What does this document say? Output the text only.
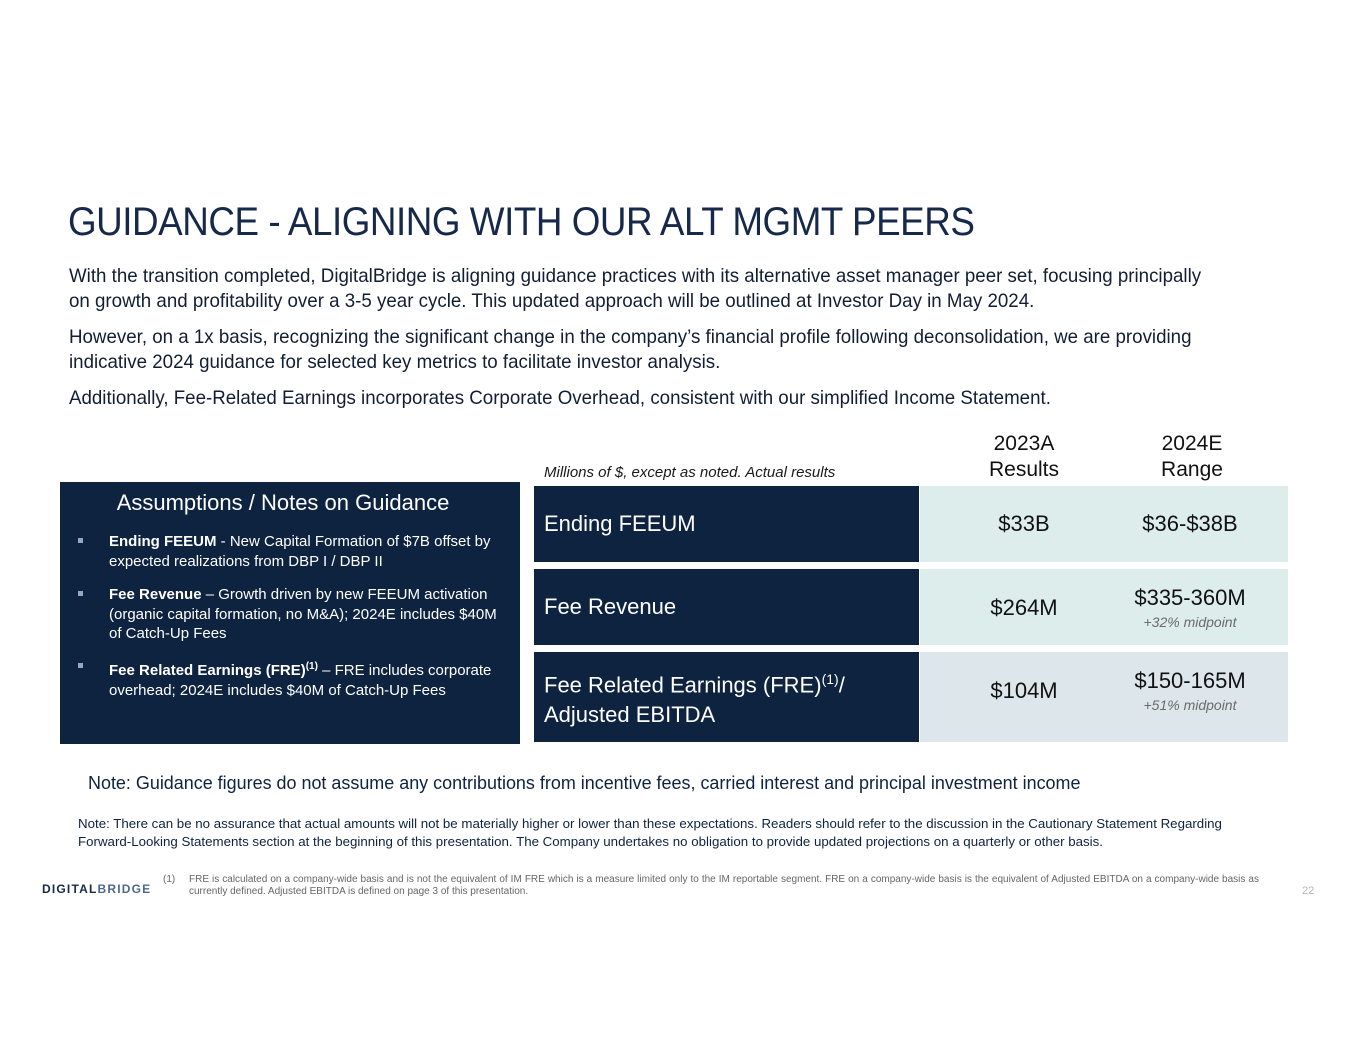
GUIDANCE - ALIGNING WITH OUR ALT MGMT PEERS
With the transition completed, DigitalBridge is aligning guidance practices with its alternative asset manager peer set, focusing principally on growth and profitability over a 3-5 year cycle. This updated approach will be outlined at Investor Day in May 2024.
However, on a 1x basis, recognizing the significant change in the company’s financial profile following deconsolidation, we are providing indicative 2024 guidance for selected key metrics to facilitate investor analysis.
Additionally, Fee-Related Earnings incorporates Corporate Overhead, consistent with our simplified Income Statement.
Assumptions / Notes on Guidance
Ending FEEUM - New Capital Formation of $7B offset by expected realizations from DBP I / DBP II
Fee Revenue – Growth driven by new FEEUM activation (organic capital formation, no M&A); 2024E includes $40M of Catch-Up Fees
Fee Related Earnings (FRE)$^{(1)}$ – FRE includes corporate overhead; 2024E includes $40M of Catch-Up Fees
Millions of $, except as noted. Actual results
2023A
Results
2024E
Range
Ending FEEUM	$33B	$36-$38B
Fee Revenue	$264M	$335-360M
+32% midpoint
Fee Related Earnings (FRE)$^{(1)}$/
Adjusted EBITDA
$104M	$150-165M
+51% midpoint
Note: Guidance figures do not assume any contributions from incentive fees, carried interest and principal investment income
Note: There can be no assurance that actual amounts will not be materially higher or lower than these expectations. Readers should refer to the discussion in the Cautionary Statement Regarding Forward-Looking Statements section at the beginning of this presentation. The Company undertakes no obligation to provide updated projections on a quarterly or other basis.
DIGITALBRIDGE
(1) FRE is calculated on a company-wide basis and is not the equivalent of IM FRE which is a measure limited only to the IM reportable segment. FRE on a company-wide basis is the equivalent of Adjusted EBITDA on a company-wide basis as currently defined. Adjusted EBITDA is defined on page 3 of this presentation.	22
